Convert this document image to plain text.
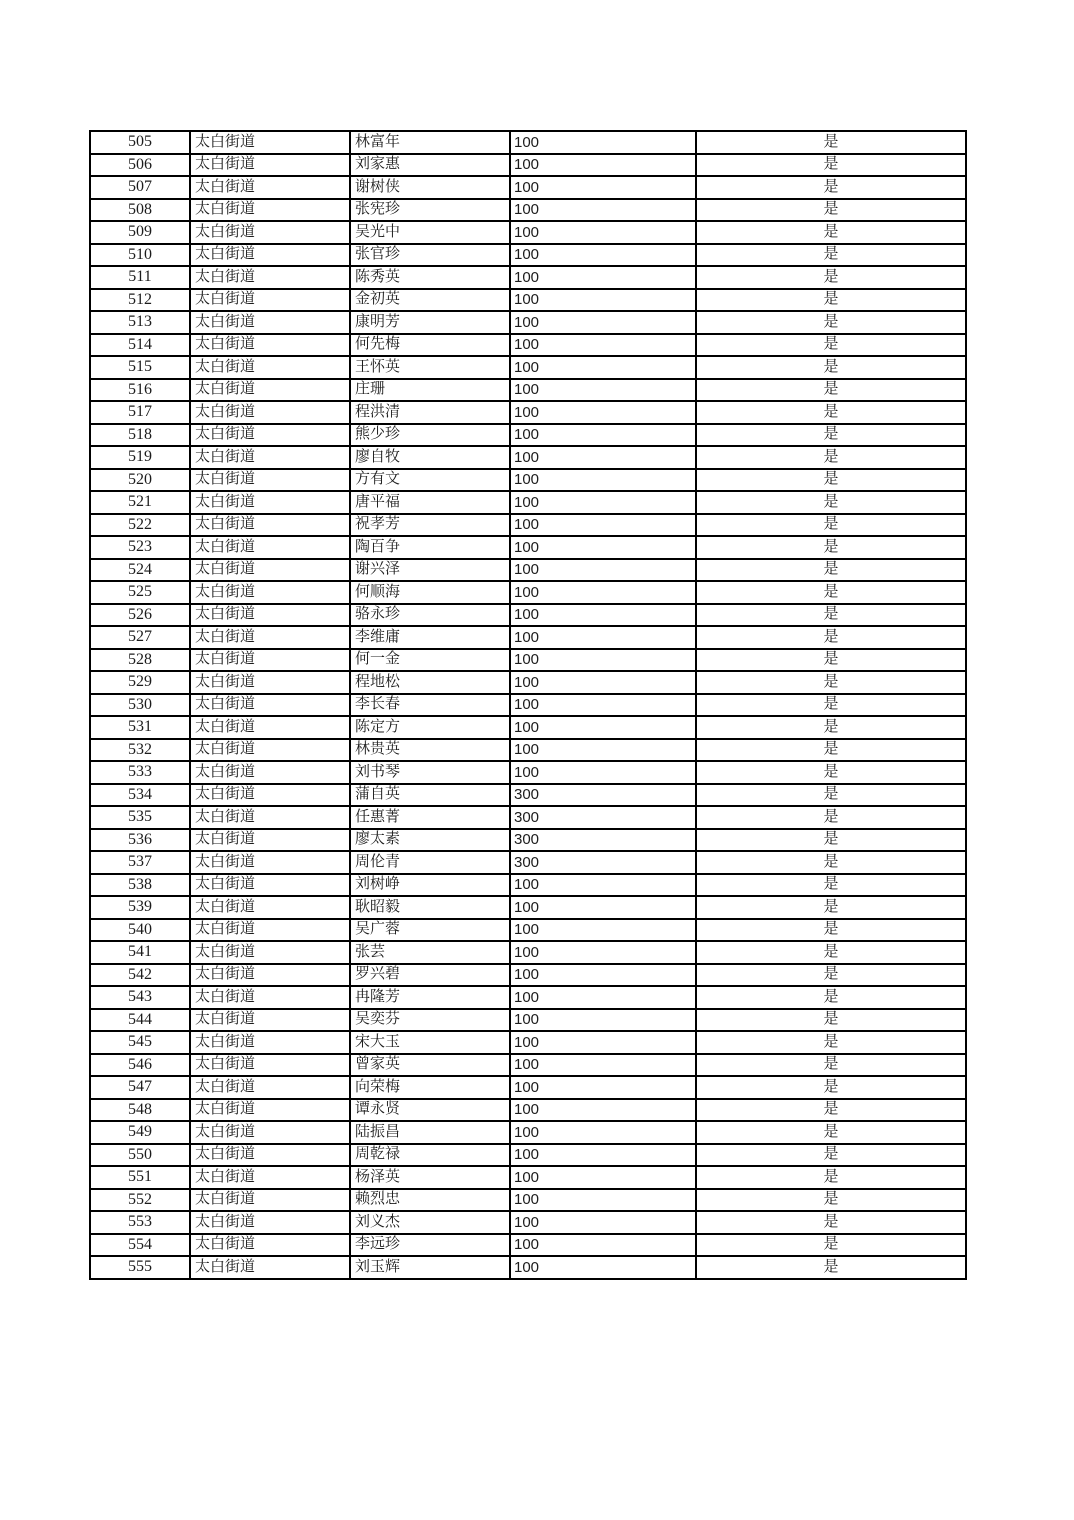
505	太白街道	林富年	100	是
506	太白街道	刘家惠	100	是
507	太白街道	谢树侠	100	是
508	太白街道	张宪珍	100	是
509	太白街道	吴光中	100	是
510	太白街道	张官珍	100	是
511	太白街道	陈秀英	100	是
512	太白街道	金初英	100	是
513	太白街道	康明芳	100	是
514	太白街道	何先梅	100	是
515	太白街道	王怀英	100	是
516	太白街道	庄珊	100	是
517	太白街道	程洪清	100	是
518	太白街道	熊少珍	100	是
519	太白街道	廖自牧	100	是
520	太白街道	方有文	100	是
521	太白街道	唐平福	100	是
522	太白街道	祝孝芳	100	是
523	太白街道	陶百争	100	是
524	太白街道	谢兴泽	100	是
525	太白街道	何顺海	100	是
526	太白街道	骆永珍	100	是
527	太白街道	李维庸	100	是
528	太白街道	何一金	100	是
529	太白街道	程地松	100	是
530	太白街道	李长春	100	是
531	太白街道	陈定方	100	是
532	太白街道	林贵英	100	是
533	太白街道	刘书琴	100	是
534	太白街道	蒲自英	300	是
535	太白街道	任惠菁	300	是
536	太白街道	廖太素	300	是
537	太白街道	周伦青	300	是
538	太白街道	刘树峥	100	是
539	太白街道	耿昭毅	100	是
540	太白街道	吴广蓉	100	是
541	太白街道	张芸	100	是
542	太白街道	罗兴碧	100	是
543	太白街道	冉隆芳	100	是
544	太白街道	吴奕芬	100	是
545	太白街道	宋大玉	100	是
546	太白街道	曾家英	100	是
547	太白街道	向荣梅	100	是
548	太白街道	谭永贤	100	是
549	太白街道	陆振昌	100	是
550	太白街道	周乾禄	100	是
551	太白街道	杨泽英	100	是
552	太白街道	赖烈忠	100	是
553	太白街道	刘义杰	100	是
554	太白街道	李远珍	100	是
555	太白街道	刘玉辉	100	是
